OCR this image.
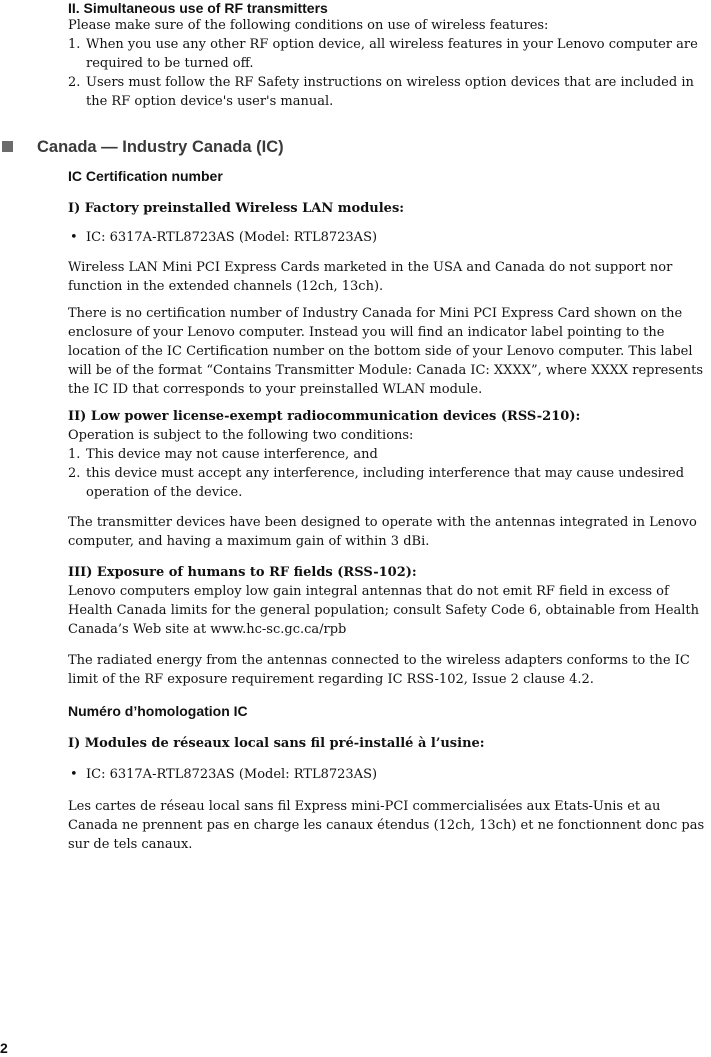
II. Simultaneous use of RF transmitters

Please make sure of the following conditions on use of wireless features:

1. When you use any other RF option device, all wireless features in your Lenovo computer are required to be turned off.
2. Users must follow the RF Safety instructions on wireless option devices that are included in the RF option device's user's manual.
Canada — Industry Canada (IC)
IC Certification number

I) Factory preinstalled Wireless LAN modules:

• IC: 6317A-RTL8723AS (Model: RTL8723AS)

Wireless LAN Mini PCI Express Cards marketed in the USA and Canada do not support nor function in the extended channels (12ch, 13ch).

There is no certification number of Industry Canada for Mini PCI Express Card shown on the enclosure of your Lenovo computer. Instead you will find an indicator label pointing to the location of the IC Certification number on the bottom side of your Lenovo computer. This label will be of the format “Contains Transmitter Module: Canada IC: XXXX”, where XXXX represents the IC ID that corresponds to your preinstalled WLAN module.

II) Low power license-exempt radiocommunication devices (RSS-210):

Operation is subject to the following two conditions:

1. This device may not cause interference, and
2. this device must accept any interference, including interference that may cause undesired operation of the device.

The transmitter devices have been designed to operate with the antennas integrated in Lenovo computer, and having a maximum gain of within 3 dBi.

III) Exposure of humans to RF fields (RSS-102):

Lenovo computers employ low gain integral antennas that do not emit RF field in excess of Health Canada limits for the general population; consult Safety Code 6, obtainable from Health Canada’s Web site at www.hc-sc.gc.ca/rpb

The radiated energy from the antennas connected to the wireless adapters conforms to the IC limit of the RF exposure requirement regarding IC RSS-102, Issue 2 clause 4.2.

Numéro d’homologation IC

I) Modules de réseaux local sans fil pré-installé à l’usine:

• IC: 6317A-RTL8723AS (Model: RTL8723AS)

Les cartes de réseau local sans fil Express mini-PCI commercialisées aux Etats-Unis et au Canada ne prennent pas en charge les canaux étendus (12ch, 13ch) et ne fonctionnent donc pas sur de tels canaux.

2
